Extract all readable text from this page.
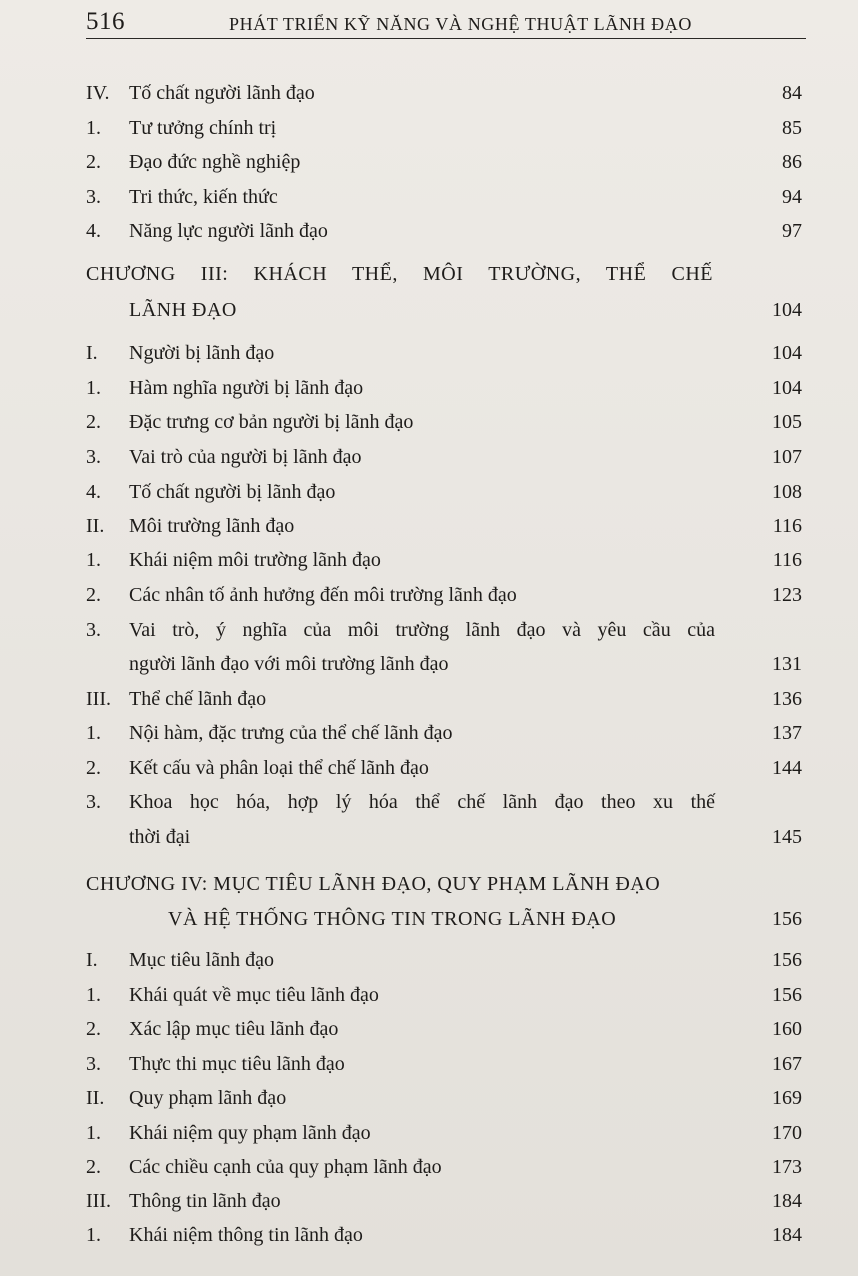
516	PHÁT TRIỂN KỸ NĂNG VÀ NGHỆ THUẬT LÃNH ĐẠO
IV. Tố chất người lãnh đạo	84
1. Tư tưởng chính trị	85
2. Đạo đức nghề nghiệp	86
3. Tri thức, kiến thức	94
4. Năng lực người lãnh đạo	97
CHƯƠNG III: KHÁCH THỂ, MÔI TRƯỜNG, THỂ CHẾ
LÃNH ĐẠO	104
I. Người bị lãnh đạo	104
1. Hàm nghĩa người bị lãnh đạo	104
2. Đặc trưng cơ bản người bị lãnh đạo	105
3. Vai trò của người bị lãnh đạo	107
4. Tố chất người bị lãnh đạo	108
II. Môi trường lãnh đạo	116
1. Khái niệm môi trường lãnh đạo	116
2. Các nhân tố ảnh hưởng đến môi trường lãnh đạo	123
3. Vai trò, ý nghĩa của môi trường lãnh đạo và yêu cầu của
người lãnh đạo với môi trường lãnh đạo	131
III. Thể chế lãnh đạo	136
1. Nội hàm, đặc trưng của thể chế lãnh đạo	137
2. Kết cấu và phân loại thể chế lãnh đạo	144
3. Khoa học hóa, hợp lý hóa thể chế lãnh đạo theo xu thế
thời đại	145
CHƯƠNG IV: MỤC TIÊU LÃNH ĐẠO, QUY PHẠM LÃNH ĐẠO
VÀ HỆ THỐNG THÔNG TIN TRONG LÃNH ĐẠO	156
I. Mục tiêu lãnh đạo	156
1. Khái quát về mục tiêu lãnh đạo	156
2. Xác lập mục tiêu lãnh đạo	160
3. Thực thi mục tiêu lãnh đạo	167
II. Quy phạm lãnh đạo	169
1. Khái niệm quy phạm lãnh đạo	170
2. Các chiều cạnh của quy phạm lãnh đạo	173
III. Thông tin lãnh đạo	184
1. Khái niệm thông tin lãnh đạo	184
